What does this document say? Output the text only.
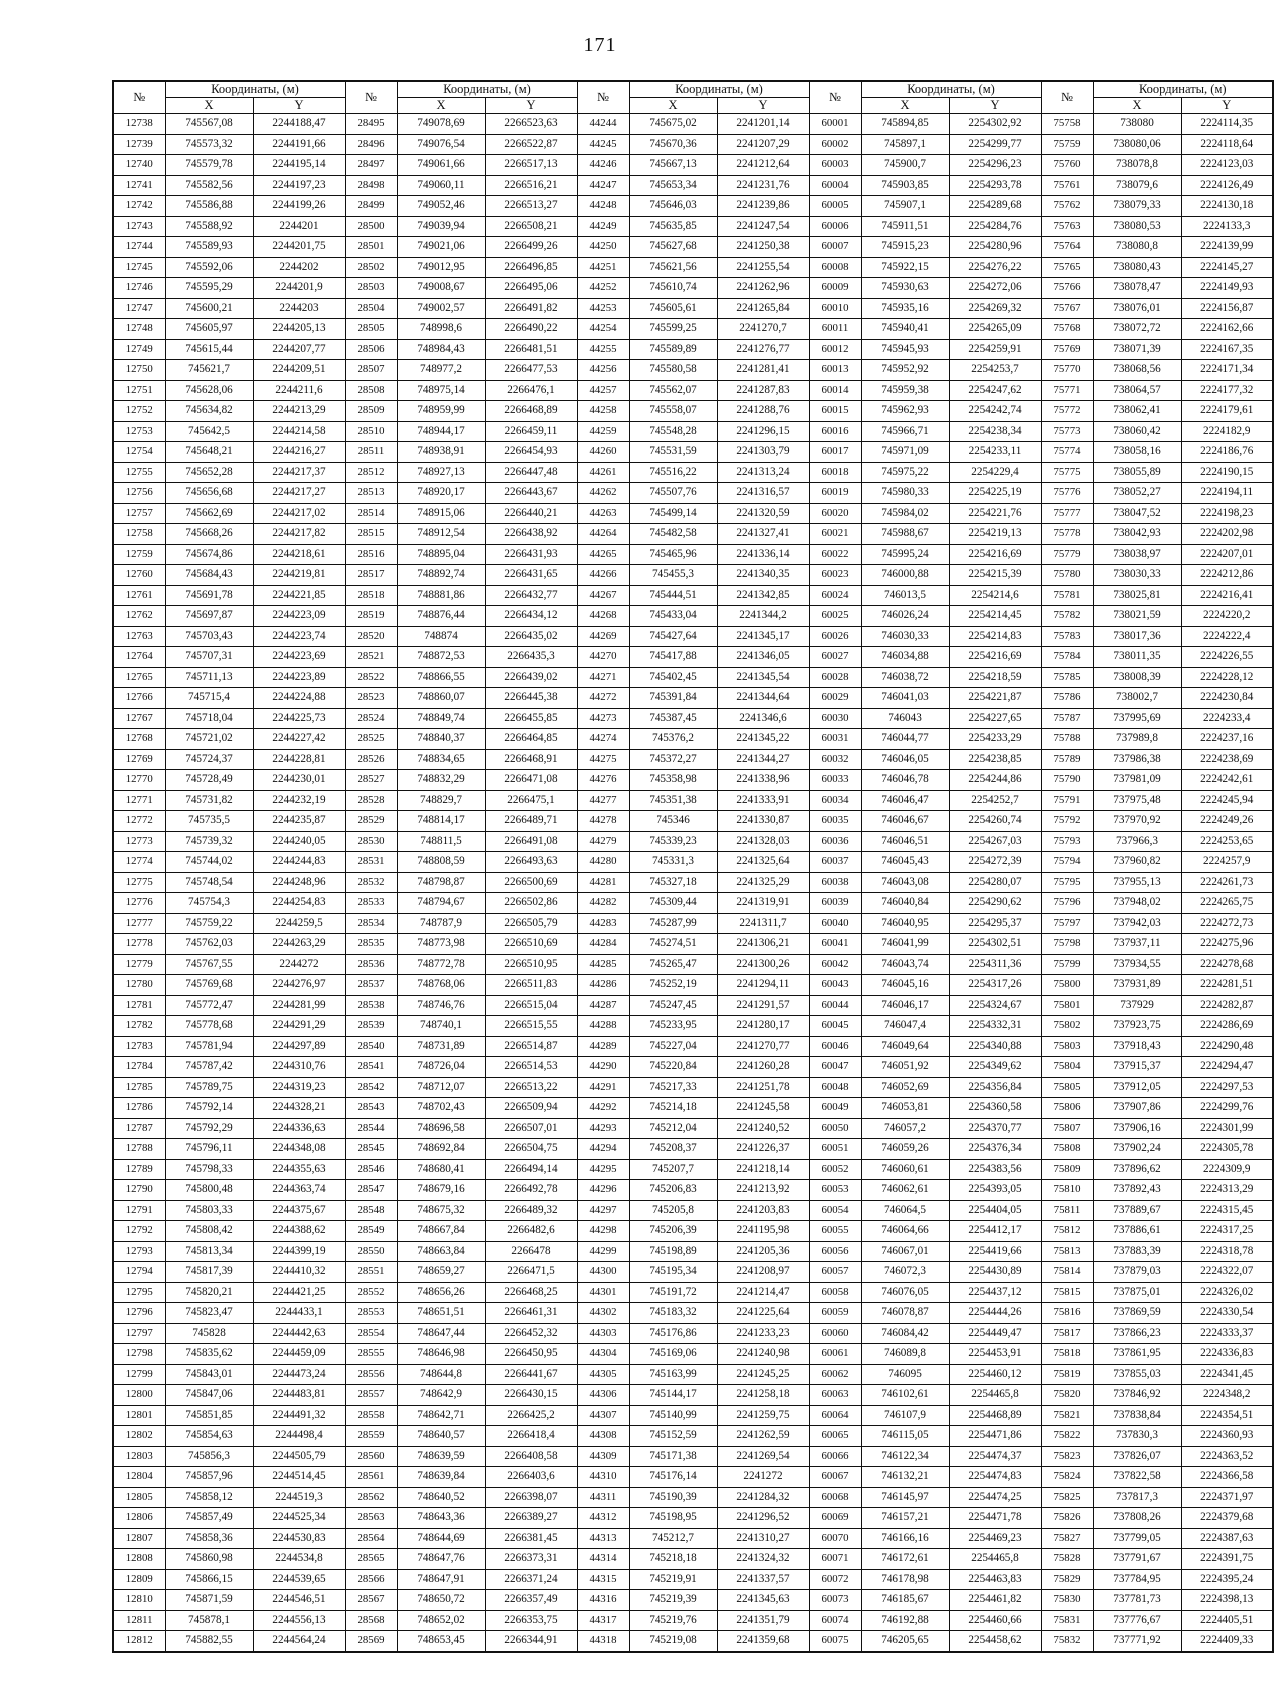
171
№	Координаты, (м)		№	Координаты, (м)		№	Координаты, (м)		№	Координаты, (м)		№	Координаты, (м)	
	X	Y		X	Y		X	Y		X	Y		X	Y
12738	745567,08	2244188,47	28495	749078,69	2266523,63	44244	745675,02	2241201,14	60001	745894,85	2254302,92	75758	738080	2224114,35
12739	745573,32	2244191,66	28496	749076,54	2266522,87	44245	745670,36	2241207,29	60002	745897,1	2254299,77	75759	738080,06	2224118,64
12740	745579,78	2244195,14	28497	749061,66	2266517,13	44246	745667,13	2241212,64	60003	745900,7	2254296,23	75760	738078,8	2224123,03
12741	745582,56	2244197,23	28498	749060,11	2266516,21	44247	745653,34	2241231,76	60004	745903,85	2254293,78	75761	738079,6	2224126,49
12742	745586,88	2244199,26	28499	749052,46	2266513,27	44248	745646,03	2241239,86	60005	745907,1	2254289,68	75762	738079,33	2224130,18
12743	745588,92	2244201	28500	749039,94	2266508,21	44249	745635,85	2241247,54	60006	745911,51	2254284,76	75763	738080,53	2224133,3
12744	745589,93	2244201,75	28501	749021,06	2266499,26	44250	745627,68	2241250,38	60007	745915,23	2254280,96	75764	738080,8	2224139,99
12745	745592,06	2244202	28502	749012,95	2266496,85	44251	745621,56	2241255,54	60008	745922,15	2254276,22	75765	738080,43	2224145,27
12746	745595,29	2244201,9	28503	749008,67	2266495,06	44252	745610,74	2241262,96	60009	745930,63	2254272,06	75766	738078,47	2224149,93
12747	745600,21	2244203	28504	749002,57	2266491,82	44253	745605,61	2241265,84	60010	745935,16	2254269,32	75767	738076,01	2224156,87
12748	745605,97	2244205,13	28505	748998,6	2266490,22	44254	745599,25	2241270,7	60011	745940,41	2254265,09	75768	738072,72	2224162,66
12749	745615,44	2244207,77	28506	748984,43	2266481,51	44255	745589,89	2241276,77	60012	745945,93	2254259,91	75769	738071,39	2224167,35
12750	745621,7	2244209,51	28507	748977,2	2266477,53	44256	745580,58	2241281,41	60013	745952,92	2254253,7	75770	738068,56	2224171,34
12751	745628,06	2244211,6	28508	748975,14	2266476,1	44257	745562,07	2241287,83	60014	745959,38	2254247,62	75771	738064,57	2224177,32
12752	745634,82	2244213,29	28509	748959,99	2266468,89	44258	745558,07	2241288,76	60015	745962,93	2254242,74	75772	738062,41	2224179,61
12753	745642,5	2244214,58	28510	748944,17	2266459,11	44259	745548,28	2241296,15	60016	745966,71	2254238,34	75773	738060,42	2224182,9
12754	745648,21	2244216,27	28511	748938,91	2266454,93	44260	745531,59	2241303,79	60017	745971,09	2254233,11	75774	738058,16	2224186,76
12755	745652,28	2244217,37	28512	748927,13	2266447,48	44261	745516,22	2241313,24	60018	745975,22	2254229,4	75775	738055,89	2224190,15
12756	745656,68	2244217,27	28513	748920,17	2266443,67	44262	745507,76	2241316,57	60019	745980,33	2254225,19	75776	738052,27	2224194,11
12757	745662,69	2244217,02	28514	748915,06	2266440,21	44263	745499,14	2241320,59	60020	745984,02	2254221,76	75777	738047,52	2224198,23
12758	745668,26	2244217,82	28515	748912,54	2266438,92	44264	745482,58	2241327,41	60021	745988,67	2254219,13	75778	738042,93	2224202,98
12759	745674,86	2244218,61	28516	748895,04	2266431,93	44265	745465,96	2241336,14	60022	745995,24	2254216,69	75779	738038,97	2224207,01
12760	745684,43	2244219,81	28517	748892,74	2266431,65	44266	745455,3	2241340,35	60023	746000,88	2254215,39	75780	738030,33	2224212,86
12761	745691,78	2244221,85	28518	748881,86	2266432,77	44267	745444,51	2241342,85	60024	746013,5	2254214,6	75781	738025,81	2224216,41
12762	745697,87	2244223,09	28519	748876,44	2266434,12	44268	745433,04	2241344,2	60025	746026,24	2254214,45	75782	738021,59	2224220,2
12763	745703,43	2244223,74	28520	748874	2266435,02	44269	745427,64	2241345,17	60026	746030,33	2254214,83	75783	738017,36	2224222,4
12764	745707,31	2244223,69	28521	748872,53	2266435,3	44270	745417,88	2241346,05	60027	746034,88	2254216,69	75784	738011,35	2224226,55
12765	745711,13	2244223,89	28522	748866,55	2266439,02	44271	745402,45	2241345,54	60028	746038,72	2254218,59	75785	738008,39	2224228,12
12766	745715,4	2244224,88	28523	748860,07	2266445,38	44272	745391,84	2241344,64	60029	746041,03	2254221,87	75786	738002,7	2224230,84
12767	745718,04	2244225,73	28524	748849,74	2266455,85	44273	745387,45	2241346,6	60030	746043	2254227,65	75787	737995,69	2224233,4
12768	745721,02	2244227,42	28525	748840,37	2266464,85	44274	745376,2	2241345,22	60031	746044,77	2254233,29	75788	737989,8	2224237,16
12769	745724,37	2244228,81	28526	748834,65	2266468,91	44275	745372,27	2241344,27	60032	746046,05	2254238,85	75789	737986,38	2224238,69
12770	745728,49	2244230,01	28527	748832,29	2266471,08	44276	745358,98	2241338,96	60033	746046,78	2254244,86	75790	737981,09	2224242,61
12771	745731,82	2244232,19	28528	748829,7	2266475,1	44277	745351,38	2241333,91	60034	746046,47	2254252,7	75791	737975,48	2224245,94
12772	745735,5	2244235,87	28529	748814,17	2266489,71	44278	745346	2241330,87	60035	746046,67	2254260,74	75792	737970,92	2224249,26
12773	745739,32	2244240,05	28530	748811,5	2266491,08	44279	745339,23	2241328,03	60036	746046,51	2254267,03	75793	737966,3	2224253,65
12774	745744,02	2244244,83	28531	748808,59	2266493,63	44280	745331,3	2241325,64	60037	746045,43	2254272,39	75794	737960,82	2224257,9
12775	745748,54	2244248,96	28532	748798,87	2266500,69	44281	745327,18	2241325,29	60038	746043,08	2254280,07	75795	737955,13	2224261,73
12776	745754,3	2244254,83	28533	748794,67	2266502,86	44282	745309,44	2241319,91	60039	746040,84	2254290,62	75796	737948,02	2224265,75
12777	745759,22	2244259,5	28534	748787,9	2266505,79	44283	745287,99	2241311,7	60040	746040,95	2254295,37	75797	737942,03	2224272,73
12778	745762,03	2244263,29	28535	748773,98	2266510,69	44284	745274,51	2241306,21	60041	746041,99	2254302,51	75798	737937,11	2224275,96
12779	745767,55	2244272	28536	748772,78	2266510,95	44285	745265,47	2241300,26	60042	746043,74	2254311,36	75799	737934,55	2224278,68
12780	745769,68	2244276,97	28537	748768,06	2266511,83	44286	745252,19	2241294,11	60043	746045,16	2254317,26	75800	737931,89	2224281,51
12781	745772,47	2244281,99	28538	748746,76	2266515,04	44287	745247,45	2241291,57	60044	746046,17	2254324,67	75801	737929	2224282,87
12782	745778,68	2244291,29	28539	748740,1	2266515,55	44288	745233,95	2241280,17	60045	746047,4	2254332,31	75802	737923,75	2224286,69
12783	745781,94	2244297,89	28540	748731,89	2266514,87	44289	745227,04	2241270,77	60046	746049,64	2254340,88	75803	737918,43	2224290,48
12784	745787,42	2244310,76	28541	748726,04	2266514,53	44290	745220,84	2241260,28	60047	746051,92	2254349,62	75804	737915,37	2224294,47
12785	745789,75	2244319,23	28542	748712,07	2266513,22	44291	745217,33	2241251,78	60048	746052,69	2254356,84	75805	737912,05	2224297,53
12786	745792,14	2244328,21	28543	748702,43	2266509,94	44292	745214,18	2241245,58	60049	746053,81	2254360,58	75806	737907,86	2224299,76
12787	745792,29	2244336,63	28544	748696,58	2266507,01	44293	745212,04	2241240,52	60050	746057,2	2254370,77	75807	737906,16	2224301,99
12788	745796,11	2244348,08	28545	748692,84	2266504,75	44294	745208,37	2241226,37	60051	746059,26	2254376,34	75808	737902,24	2224305,78
12789	745798,33	2244355,63	28546	748680,41	2266494,14	44295	745207,7	2241218,14	60052	746060,61	2254383,56	75809	737896,62	2224309,9
12790	745800,48	2244363,74	28547	748679,16	2266492,78	44296	745206,83	2241213,92	60053	746062,61	2254393,05	75810	737892,43	2224313,29
12791	745803,33	2244375,67	28548	748675,32	2266489,32	44297	745205,8	2241203,83	60054	746064,5	2254404,05	75811	737889,67	2224315,45
12792	745808,42	2244388,62	28549	748667,84	2266482,6	44298	745206,39	2241195,98	60055	746064,66	2254412,17	75812	737886,61	2224317,25
12793	745813,34	2244399,19	28550	748663,84	2266478	44299	745198,89	2241205,36	60056	746067,01	2254419,66	75813	737883,39	2224318,78
12794	745817,39	2244410,32	28551	748659,27	2266471,5	44300	745195,34	2241208,97	60057	746072,3	2254430,89	75814	737879,03	2224322,07
12795	745820,21	2244421,25	28552	748656,26	2266468,25	44301	745191,72	2241214,47	60058	746076,05	2254437,12	75815	737875,01	2224326,02
12796	745823,47	2244433,1	28553	748651,51	2266461,31	44302	745183,32	2241225,64	60059	746078,87	2254444,26	75816	737869,59	2224330,54
12797	745828	2244442,63	28554	748647,44	2266452,32	44303	745176,86	2241233,23	60060	746084,42	2254449,47	75817	737866,23	2224333,37
12798	745835,62	2244459,09	28555	748646,98	2266450,95	44304	745169,06	2241240,98	60061	746089,8	2254453,91	75818	737861,95	2224336,83
12799	745843,01	2244473,24	28556	748644,8	2266441,67	44305	745163,99	2241245,25	60062	746095	2254460,12	75819	737855,03	2224341,45
12800	745847,06	2244483,81	28557	748642,9	2266430,15	44306	745144,17	2241258,18	60063	746102,61	2254465,8	75820	737846,92	2224348,2
12801	745851,85	2244491,32	28558	748642,71	2266425,2	44307	745140,99	2241259,75	60064	746107,9	2254468,89	75821	737838,84	2224354,51
12802	745854,63	2244498,4	28559	748640,57	2266418,4	44308	745152,59	2241262,59	60065	746115,05	2254471,86	75822	737830,3	2224360,93
12803	745856,3	2244505,79	28560	748639,59	2266408,58	44309	745171,38	2241269,54	60066	746122,34	2254474,37	75823	737826,07	2224363,52
12804	745857,96	2244514,45	28561	748639,84	2266403,6	44310	745176,14	2241272	60067	746132,21	2254474,83	75824	737822,58	2224366,58
12805	745858,12	2244519,3	28562	748640,52	2266398,07	44311	745190,39	2241284,32	60068	746145,97	2254474,25	75825	737817,3	2224371,97
12806	745857,49	2244525,34	28563	748643,36	2266389,27	44312	745198,95	2241296,52	60069	746157,21	2254471,78	75826	737808,26	2224379,68
12807	745858,36	2244530,83	28564	748644,69	2266381,45	44313	745212,7	2241310,27	60070	746166,16	2254469,23	75827	737799,05	2224387,63
12808	745860,98	2244534,8	28565	748647,76	2266373,31	44314	745218,18	2241324,32	60071	746172,61	2254465,8	75828	737791,67	2224391,75
12809	745866,15	2244539,65	28566	748647,91	2266371,24	44315	745219,91	2241337,57	60072	746178,98	2254463,83	75829	737784,95	2224395,24
12810	745871,59	2244546,51	28567	748650,72	2266357,49	44316	745219,39	2241345,63	60073	746185,67	2254461,82	75830	737781,73	2224398,13
12811	745878,1	2244556,13	28568	748652,02	2266353,75	44317	745219,76	2241351,79	60074	746192,88	2254460,66	75831	737776,67	2224405,51
12812	745882,55	2244564,24	28569	748653,45	2266344,91	44318	745219,08	2241359,68	60075	746205,65	2254458,62	75832	737771,92	2224409,33
